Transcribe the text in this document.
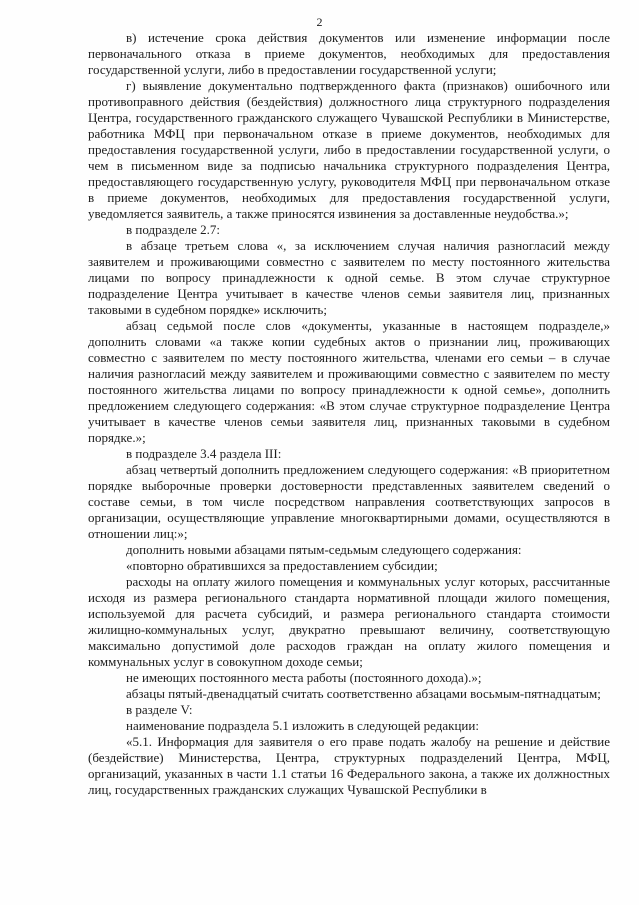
2

в) истечение срока действия документов или изменение информации после первоначального отказа в приеме документов, необходимых для предоставления государственной услуги, либо в предоставлении государственной услуги;

г) выявление документально подтвержденного факта (признаков) ошибочного или противоправного действия (бездействия) должностного лица структурного подразделения Центра, государственного гражданского служащего Чувашской Республики в Министерстве, работника МФЦ при первоначальном отказе в приеме документов, необходимых для предоставления государственной услуги, либо в предоставлении государственной услуги, о чем в письменном виде за подписью начальника структурного подразделения Центра, предоставляющего государственную услугу, руководителя МФЦ при первоначальном отказе в приеме документов, необходимых для предоставления государственной услуги, уведомляется заявитель, а также приносятся извинения за доставленные неудобства.»;

в подразделе 2.7:

в абзаце третьем слова «, за исключением случая наличия разногласий между заявителем и проживающими совместно с заявителем по месту постоянного жительства лицами по вопросу принадлежности к одной семье. В этом случае структурное подразделение Центра учитывает в качестве членов семьи заявителя лиц, признанных таковыми в судебном порядке» исключить;

абзац седьмой после слов «документы, указанные в настоящем подразделе,» дополнить словами «а также копии судебных актов о признании лиц, проживающих совместно с заявителем по месту постоянного жительства, членами его семьи – в случае наличия разногласий между заявителем и проживающими совместно с заявителем по месту постоянного жительства лицами по вопросу принадлежности к одной семье», дополнить предложением следующего содержания: «В этом случае структурное подразделение Центра учитывает в качестве членов семьи заявителя лиц, признанных таковыми в судебном порядке.»;

в подразделе 3.4 раздела III:

абзац четвертый дополнить предложением следующего содержания: «В приоритетном порядке выборочные проверки достоверности представленных заявителем сведений о составе семьи, в том числе посредством направления соответствующих запросов в организации, осуществляющие управление многоквартирными домами, осуществляются в отношении лиц:»;

дополнить новыми абзацами пятым-седьмым следующего содержания:

«повторно обратившихся за предоставлением субсидии;

расходы на оплату жилого помещения и коммунальных услуг которых, рассчитанные исходя из размера регионального стандарта нормативной площади жилого помещения, используемой для расчета субсидий, и размера регионального стандарта стоимости жилищно-коммунальных услуг, двукратно превышают величину, соответствующую максимально допустимой доле расходов граждан на оплату жилого помещения и коммунальных услуг в совокупном доходе семьи;

не имеющих постоянного места работы (постоянного дохода).»;

абзацы пятый-двенадцатый считать соответственно абзацами восьмым-пятнадцатым;

в разделе V:

наименование подраздела 5.1 изложить в следующей редакции:

«5.1. Информация для заявителя о его праве подать жалобу на решение и действие (бездействие) Министерства, Центра, структурных подразделений Центра, МФЦ, организаций, указанных в части 1.1 статьи 16 Федерального закона, а также их должностных лиц, государственных гражданских служащих Чувашской Республики в
